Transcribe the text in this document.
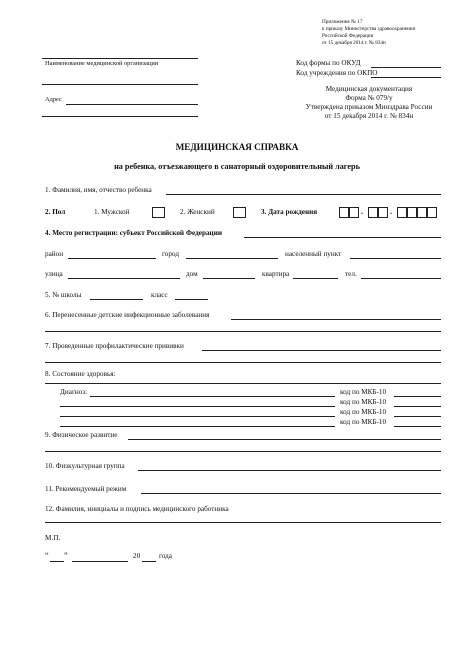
Приложение № 17
к приказу Министерства здравоохранения
Российской Федерации
от 15 декабря 2014 г. № 834н
Наименование медицинской организации	Код формы по ОКУД
Код учреждения по ОКПО
Адрес
Медицинская документация
Форма № 079/у
Утверждена приказом Минздрава России
от 15 декабря 2014 г. № 834н
МЕДИЦИНСКАЯ СПРАВКА
на ребенка, отъезжающего в санаторный оздоровительный лагерь
1. Фамилия, имя, отчество ребенка
2. Пол	1. Мужской	2. Женский	3. Дата рождения	.	.
4. Место регистрации: субъект Российской Федерации
район	город	населенный пункт
улица	дом	квартира	тел.
5. № школы	класс
6. Перенесенные детские инфекционные заболевания
7. Проведенные профилактические прививки
8. Состояние здоровья:
Диагноз:	код по МКБ-10
код по МКБ-10
код по МКБ-10
код по МКБ-10
9. Физическое развитие
10. Физкультурная группа
11. Рекомендуемый режим
12. Фамилия, инициалы и подпись медицинского работника
М.П.
“ ”	20	года
